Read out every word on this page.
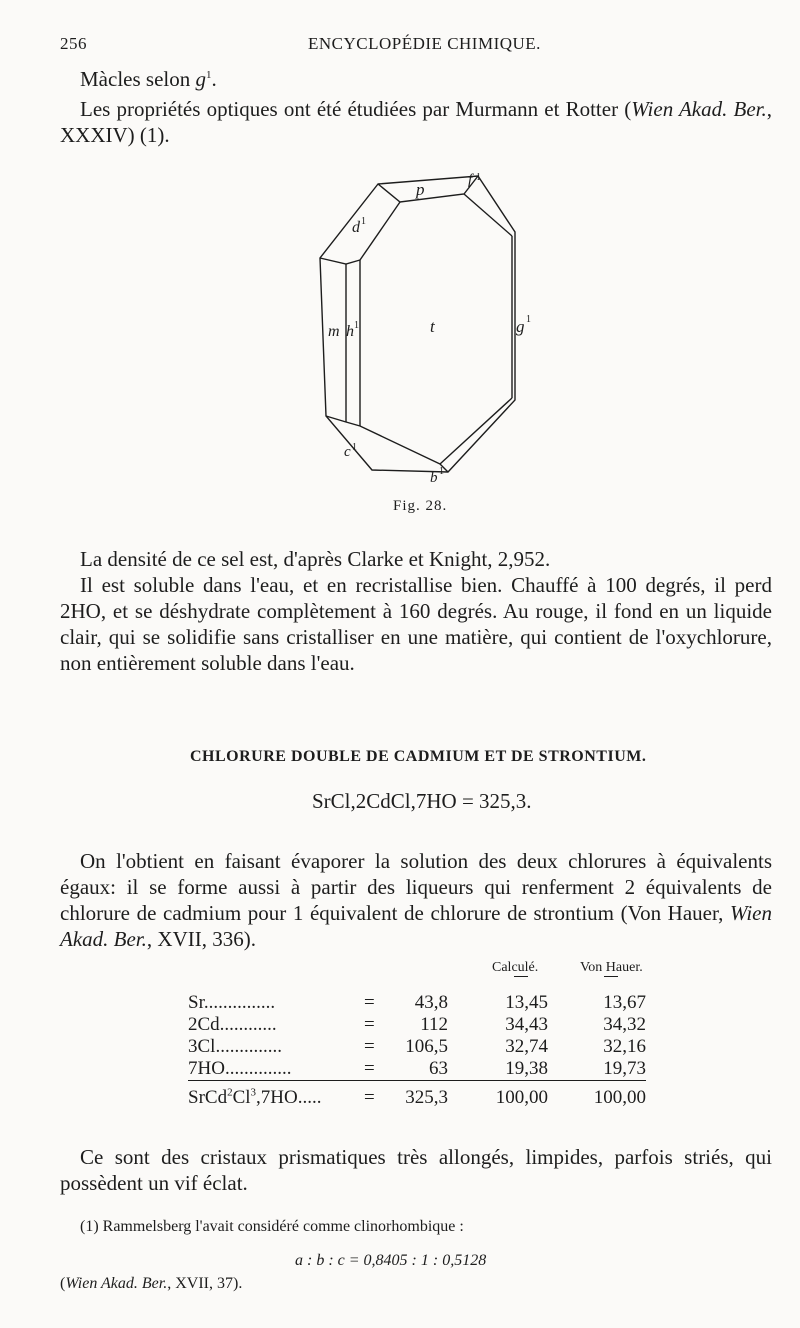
256	ENCYCLOPÉDIE CHIMIQUE.
Màcles selon $g^1$.

Les propriétés optiques ont été étudiées par Murmann et Rotter (Wien Akad. Ber., XXXIV) (1).

p	f 1
d 1
m h 1	t	g 1
c 1
b 1
Fig. 28.

La densité de ce sel est, d'après Clarke et Knight, 2,952.

Il est soluble dans l'eau, et en recristallise bien. Chauffé à 100 degrés, il perd 2HO, et se déshydrate complètement à 160 degrés. Au rouge, il fond en un liquide clair, qui se solidifie sans cristalliser en une matière, qui contient de l'oxychlorure, non entièrement soluble dans l'eau.

CHLORURE DOUBLE DE CADMIUM ET DE STRONTIUM.
SrCl,2CdCl,7HO = 325,3.

On l'obtient en faisant évaporer la solution des deux chlorures à équivalents égaux: il se forme aussi à partir des liqueurs qui renferment 2 équivalents de chlorure de cadmium pour 1 équivalent de chlorure de strontium (Von Hauer, Wien Akad. Ber., XVII, 336).

Calculé.	Von Hauer.
Sr...............	=	43,8	13,45	13,67
2Cd............	=	112	34,43	34,32
3Cl..............	=	106,5	32,74	32,16
7HO..............	=	63	19,38	19,73
$SrCd^2Cl^3,7HO$.....	=	325,3	100,00	100,00

Ce sont des cristaux prismatiques très allongés, limpides, parfois striés, qui possèdent un vif éclat.

(1) Rammelsberg l'avait considéré comme clinorhombique :
a : b : c = 0,8405 : 1 : 0,5128
(Wien Akad. Ber., XVII, 37).
